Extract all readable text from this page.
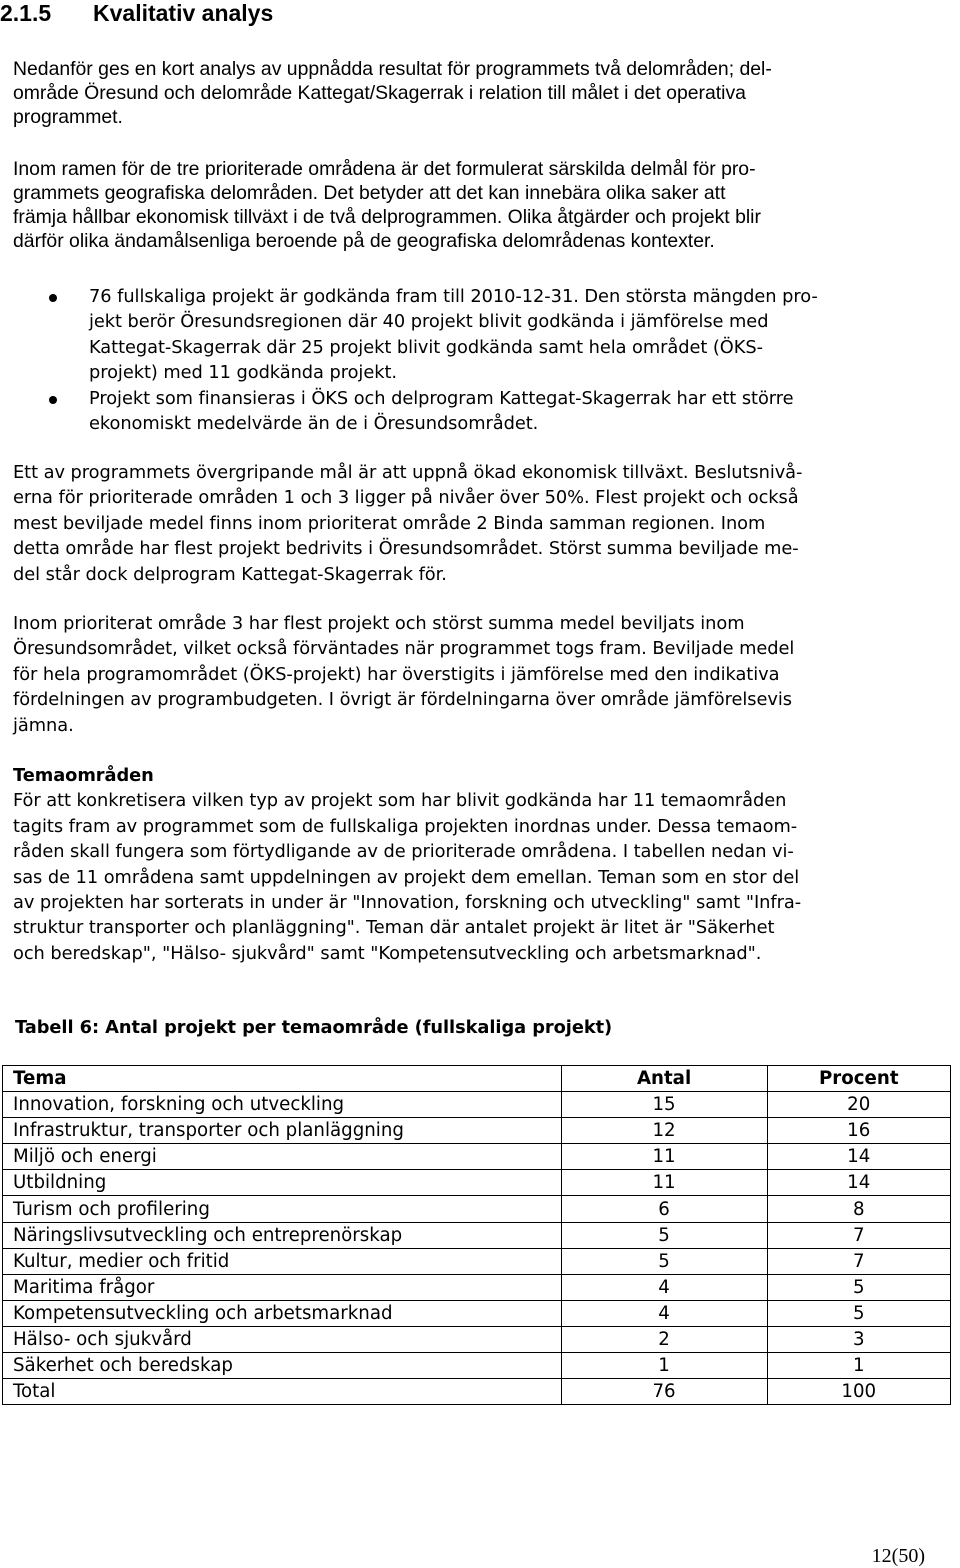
2.1.5 Kvalitativ analys
Nedanför ges en kort analys av uppnådda resultat för programmets två delområden; del-
område Öresund och delområde Kattegat/Skagerrak i relation till målet i det operativa
programmet.
Inom ramen för de tre prioriterade områdena är det formulerat särskilda delmål för pro-
grammets geografiska delområden. Det betyder att det kan innebära olika saker att
främja hållbar ekonomisk tillväxt i de två delprogrammen. Olika åtgärder och projekt blir
därför olika ändamålsenliga beroende på de geografiska delområdenas kontexter.
76 fullskaliga projekt är godkända fram till 2010-12-31. Den största mängden pro-
jekt berör Öresundsregionen där 40 projekt blivit godkända i jämförelse med
Kattegat-Skagerrak där 25 projekt blivit godkända samt hela området (ÖKS-
projekt) med 11 godkända projekt.
Projekt som finansieras i ÖKS och delprogram Kattegat-Skagerrak har ett större
ekonomiskt medelvärde än de i Öresundsområdet.
Ett av programmets övergripande mål är att uppnå ökad ekonomisk tillväxt. Beslutsnivå-
erna för prioriterade områden 1 och 3 ligger på nivåer över 50%. Flest projekt och också
mest beviljade medel finns inom prioriterat område 2 Binda samman regionen. Inom
detta område har flest projekt bedrivits i Öresundsområdet. Störst summa beviljade me-
del står dock delprogram Kattegat-Skagerrak för.
Inom prioriterat område 3 har flest projekt och störst summa medel beviljats inom
Öresundsområdet, vilket också förväntades när programmet togs fram. Beviljade medel
för hela programområdet (ÖKS-projekt) har överstigits i jämförelse med den indikativa
fördelningen av programbudgeten. I övrigt är fördelningarna över område jämförelsevis
jämna.
Temaområden
För att konkretisera vilken typ av projekt som har blivit godkända har 11 temaområden
tagits fram av programmet som de fullskaliga projekten inordnas under. Dessa temaom-
råden skall fungera som förtydligande av de prioriterade områdena. I tabellen nedan vi-
sas de 11 områdena samt uppdelningen av projekt dem emellan. Teman som en stor del
av projekten har sorterats in under är "Innovation, forskning och utveckling" samt "Infra-
struktur transporter och planläggning". Teman där antalet projekt är litet är "Säkerhet
och beredskap", "Hälso- sjukvård" samt "Kompetensutveckling och arbetsmarknad".
Tabell 6: Antal projekt per temaområde (fullskaliga projekt)
Tema	Antal	Procent
Innovation, forskning och utveckling	15	20
Infrastruktur, transporter och planläggning	12	16
Miljö och energi	11	14
Utbildning	11	14
Turism och profilering	6	8
Näringslivsutveckling och entreprenörskap	5	7
Kultur, medier och fritid	5	7
Maritima frågor	4	5
Kompetensutveckling och arbetsmarknad	4	5
Hälso- och sjukvård	2	3
Säkerhet och beredskap	1	1
Total	76	100
12(50)
